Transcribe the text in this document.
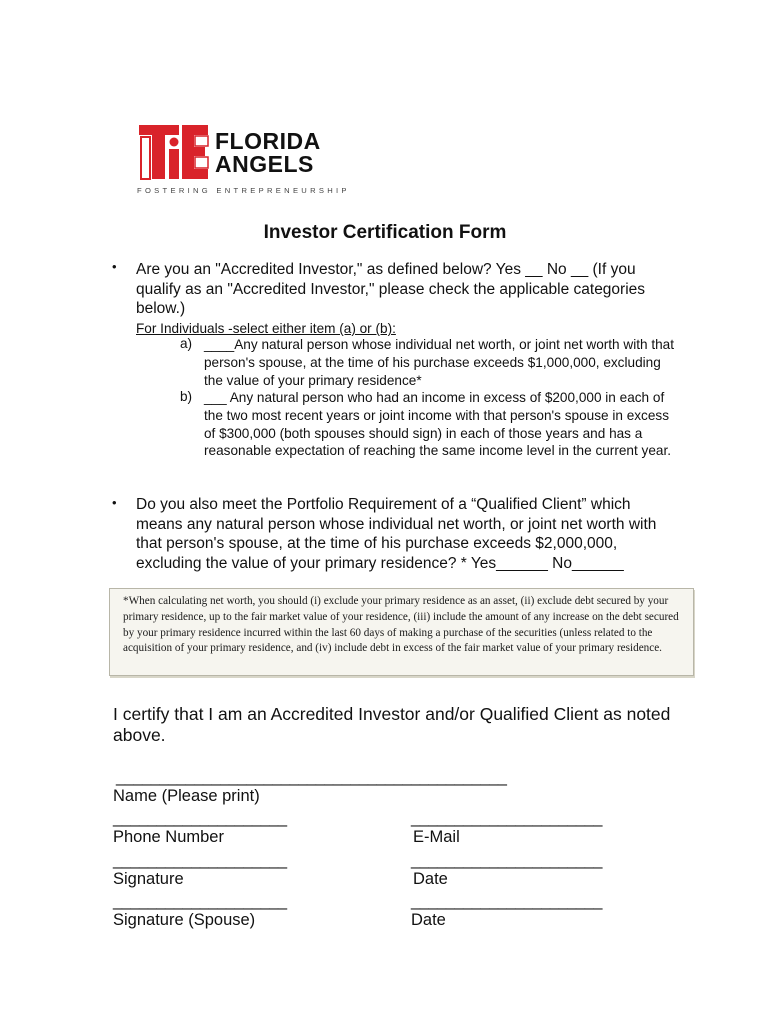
FLORIDA
ANGELS
FOSTERING ENTREPRENEURSHIP
Investor Certification Form
• Are you an "Accredited Investor," as defined below? Yes __ No __ (If you qualify as an "Accredited Investor," please check the applicable categories below.)
For Individuals -select either item (a) or (b):
a) ____Any natural person whose individual net worth, or joint net worth with that person's spouse, at the time of his purchase exceeds $1,000,000, excluding the value of your primary residence*
b) ___ Any natural person who had an income in excess of $200,000 in each of the two most recent years or joint income with that person's spouse in excess of $300,000 (both spouses should sign) in each of those years and has a reasonable expectation of reaching the same income level in the current year.
• Do you also meet the Portfolio Requirement of a “Qualified Client” which means any natural person whose individual net worth, or joint net worth with that person's spouse, at the time of his purchase exceeds $2,000,000, excluding the value of your primary residence? * Yes______ No______
*When calculating net worth, you should (i) exclude your primary residence as an asset, (ii) exclude debt secured by your primary residence, up to the fair market value of your residence, (iii) include the amount of any increase on the debt secured by your primary residence incurred within the last 60 days of making a purchase of the securities (unless related to the acquisition of your primary residence, and (iv) include debt in excess of the fair market value of your primary residence.
I certify that I am an Accredited Investor and/or Qualified Client as noted above.
_____________________________________________
Name (Please print)
____________________	______________________
Phone Number	E-Mail
____________________	______________________
Signature	Date
____________________	______________________
Signature (Spouse)	Date
